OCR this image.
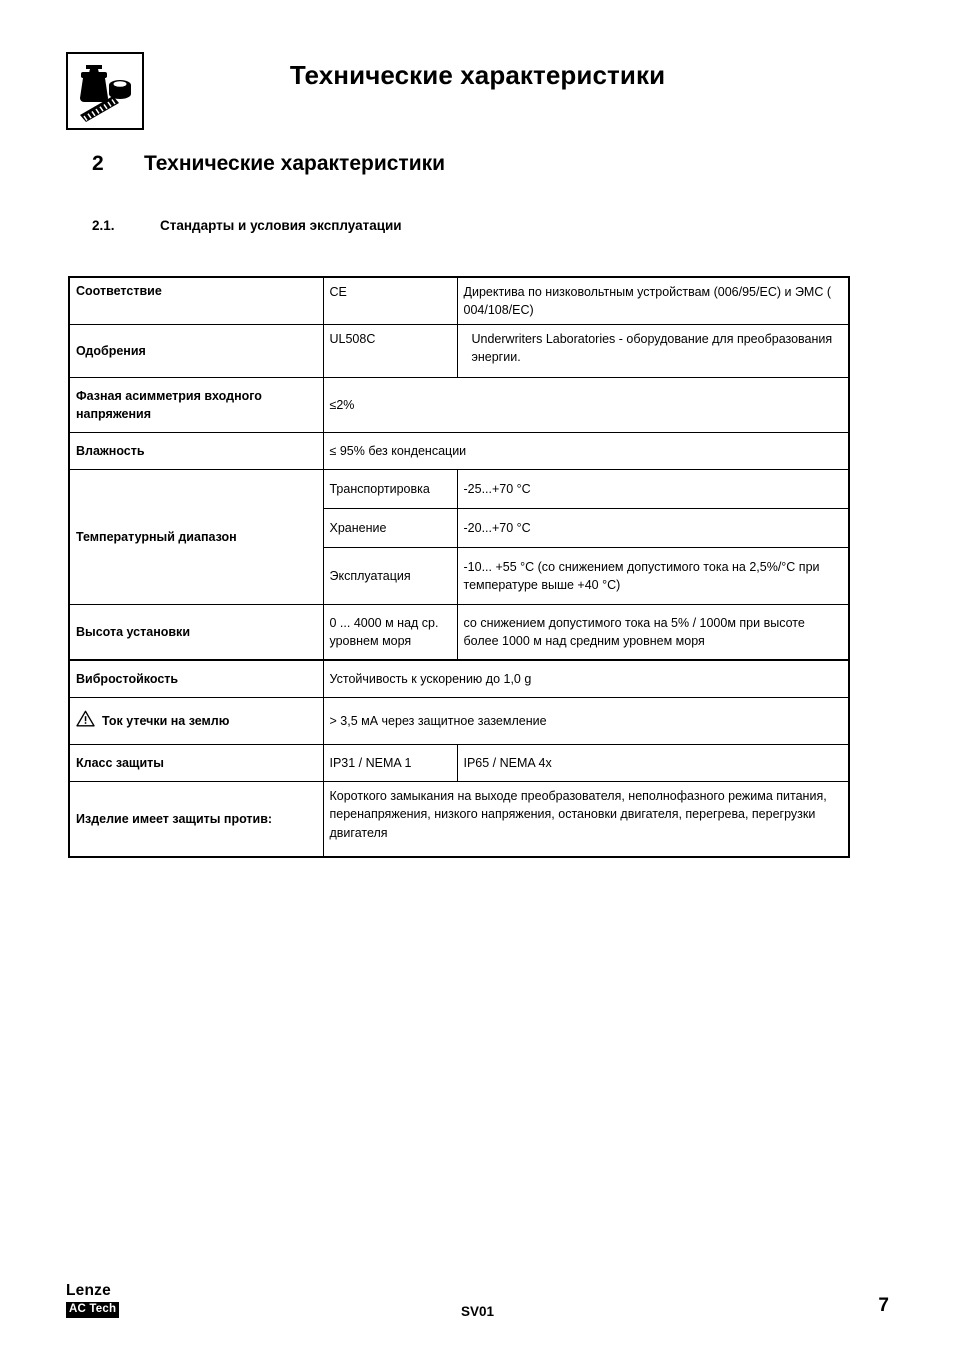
Технические характеристики
2 Технические характеристики
2.1.	Стандарты и условия эксплуатации
Соответствие	CE	Директива по низковольтным устройствам (006/95/EC) и ЭМС ( 004/108/EC)
Одобрения	UL508C	Underwriters Laboratories - оборудование для преобразования энергии.
Фазная асимметрия входного напряжения	≤2%	
Влажность	≤ 95% без конденсации	
Температурный диапазон	Транспортировка	-25...+70 °C
	Хранение	-20...+70 °C
	Эксплуатация	-10... +55 °C (со снижением допустимого тока на 2,5%/°C при температуре выше +40 °C)
Высота установки	0 ... 4000 м над ср. уровнем моря	со снижением допустимого тока на 5% / 1000м при высоте более 1000 м над средним уровнем моря
Вибростойкость	Устойчивость к ускорению до 1,0 g	

Ток утечки на землю	> 3,5 мА через защитное заземление	
Класс защиты	IP31 / NEMA 1	IP65 / NEMA 4x
Изделие имеет защиты против:	Короткого замыкания на выходе преобразователя, неполнофазного режима питания, перенапряжения, низкого напряжения, остановки двигателя, перегрева, перегрузки двигателя	
Lenze
AC Tech	SV01	7
